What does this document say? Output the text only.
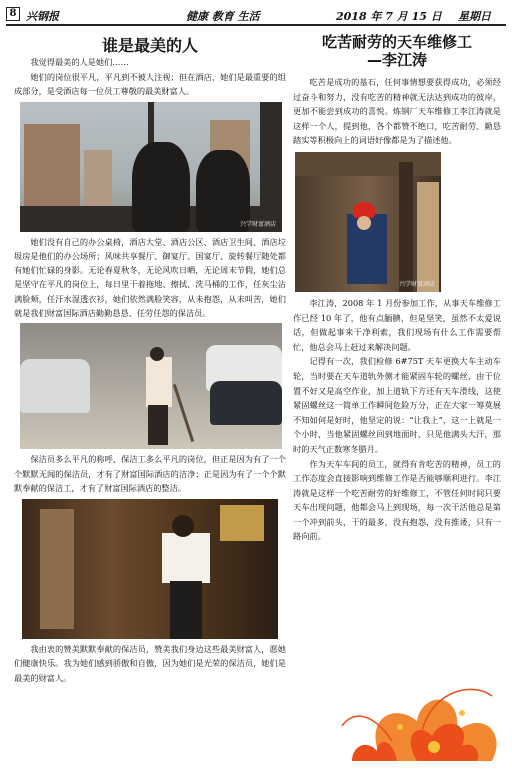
8 兴钢报	健康 教育 生活	2018 年 7 月 15 日 星期日
谁是最美的人

我觉得最美的人是她们……

她们的岗位很平凡，平凡到不被人注视；但在酒店，她们是最重要的组成部分，是受酒店每一位员工尊敬的最美财富人。

兴学财富酒店

她们没有自己的办公桌椅，酒店大堂、酒店公区、酒店卫生间、酒店垃圾房是他们的办公场所；风味共享餐厅、御宴厅、国宴厅、旋转餐厅随处都有她们忙碌的身影。无论春夏秋冬，无论风吹日晒，无论周末节假，她们总是坚守在平凡的岗位上，每日里干着拖地、擦拭、洗马桶的工作，任灰尘沾满脸颊，任汗水湿透衣衫，她们依然满脸笑容，从未抱怨，从未叫苦，她们就是我们财富国际酒店勤勤恳恳、任劳任怨的保洁员。

保洁员多么平凡的称呼，保洁工多么平凡的岗位，但正是因为有了一个个默默无闻的保洁员，才有了财富国际酒店的洁净；正是因为有了一个个默默奉献的保洁工，才有了财富国际酒店的整洁。

我由衷的赞美默默奉献的保洁员，赞美我们身边这些最美财富人，愿她们健康快乐。我为她们感到骄傲和自傲，因为她们是光荣的保洁员，她们是最美的财富人。

吃苦耐劳的天车维修工
—李江涛

吃苦是成功的基石，任何事情想要获得成功，必须经过奋斗和努力，没有吃苦的精神就无法达到成功的彼岸，更加不能尝到成功的喜悦。炼钢厂天车维修工李江涛就是这样一个人，提到他，各个都赞不绝口，吃苦耐劳、勤恳踏实等积极向上的词语好像都是为了描述他。

兴学财富酒店

李江涛，2008 年 1 月份参加工作，从事天车维修工作已经 10 年了，他有点腼腆，但是坚笑，虽然不太爱说话，但做起事来干净利索，我们现场有什么工作需要帮忙，他总会马上赶过来解决问题。

记得有一次，我们检修 6#75T 天车更换大车主动车轮，当时要在天车道轨外侧才能紧固车轮的螺丝，由于位置不好又是高空作业，加上道轨下方还有天车滑线，这使紧固螺丝这一简单工作瞬间危险万分，正在大家一筹莫展不知如何是好时，他坚定的说：“让我上”，这一上就是一个小时，当他紧固螺丝回到地面时，只见他满头大汗，那时的天气正数寒冬腊月。

作为天车车间的员工，就得有肯吃苦的精神，员工的工作态度会直接影响到维修工作是否能够顺利进行。李江涛就是这样一个吃苦耐劳的好维修工，不管任何时间只要天车出现问题，他都会马上到现场，每一次干活他总是第一个冲到前头，干的最多，没有抱怨，没有推诿，只有一路向前。
